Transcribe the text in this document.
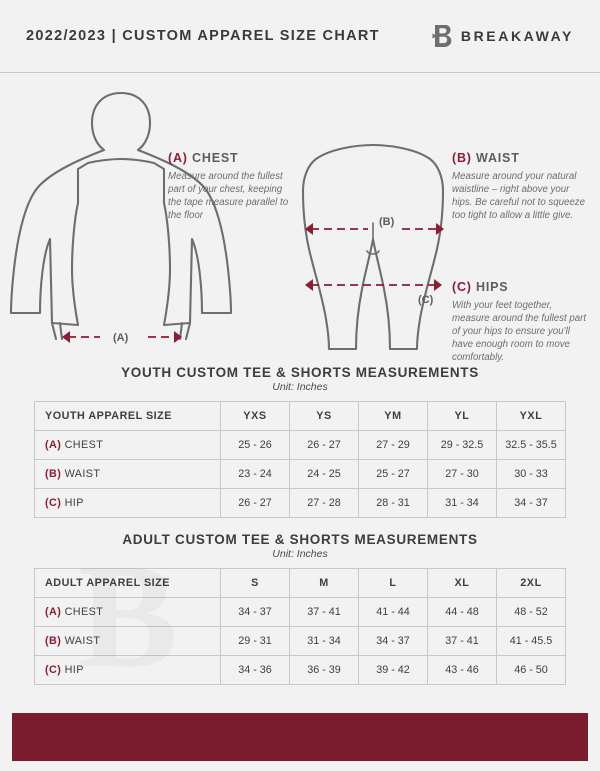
2022/2023 | CUSTOM APPAREL SIZE CHART	BREAKAWAY
(A)
(B)
(C)
(A) CHEST
Measure around the fullest part of your chest, keeping the tape measure parallel to the floor
(B) WAIST
Measure around your natural waistline – right above your hips. Be careful not to squeeze too tight to allow a little give.
(C) HIPS
With your feet together, measure around the fullest part of your hips to ensure you’ll have enough room to move comfortably.
YOUTH CUSTOM TEE & SHORTS MEASUREMENTS
Unit: Inches
YOUTH APPAREL SIZE	YXS	YS	YM	YL	YXL
(A) CHEST	25 - 26	26 - 27	27 - 29	29 - 32.5	32.5 - 35.5
(B) WAIST	23 - 24	24 - 25	25 - 27	27 - 30	30 - 33
(C) HIP	26 - 27	27 - 28	28 - 31	31 - 34	34 - 37
ADULT CUSTOM TEE & SHORTS MEASUREMENTS
Unit: Inches
ADULT APPAREL SIZE	S	M	L	XL	2XL
(A) CHEST	34 - 37	37 - 41	41 - 44	44 - 48	48 - 52
(B) WAIST	29 - 31	31 - 34	34 - 37	37 - 41	41 - 45.5
(C) HIP	34 - 36	36 - 39	39 - 42	43 - 46	46 - 50
